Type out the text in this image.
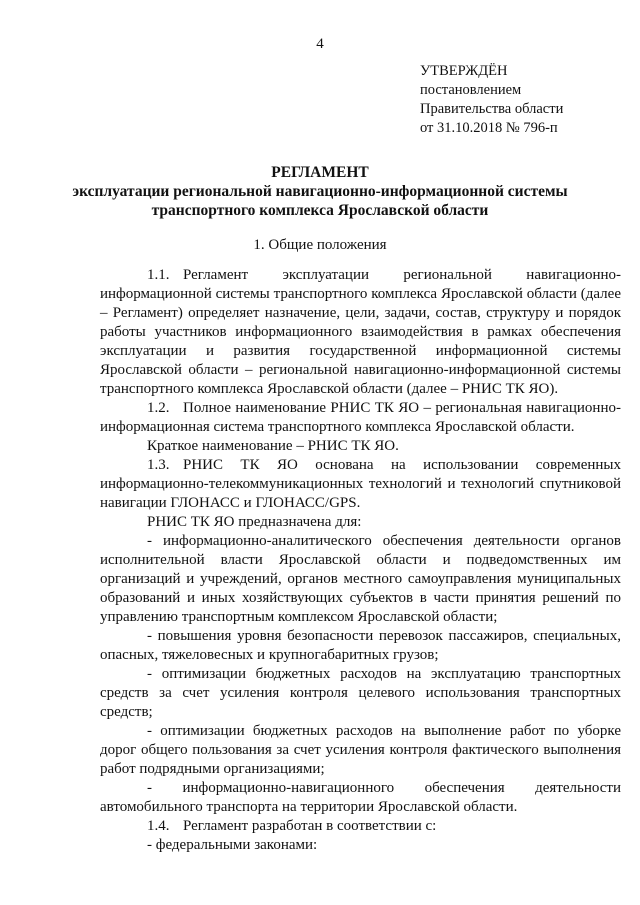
4
УТВЕРЖДЁН
постановлением
Правительства области
от 31.10.2018 № 796-п
РЕГЛАМЕНТ
эксплуатации региональной навигационно-информационной системы
транспортного комплекса Ярославской области
1. Общие положения

1.1. Регламент эксплуатации региональной навигационно-информационной системы транспортного комплекса Ярославской области (далее – Регламент) определяет назначение, цели, задачи, состав, структуру и порядок работы участников информационного взаимодействия в рамках обеспечения эксплуатации и развития государственной информационной системы Ярославской области – региональной навигационно-информационной системы транспортного комплекса Ярославской области (далее – РНИС ТК ЯО).

1.2. Полное наименование РНИС ТК ЯО – региональная навигационно-информационная система транспортного комплекса Ярославской области.

Краткое наименование – РНИС ТК ЯО.

1.3. РНИС ТК ЯО основана на использовании современных информационно-телекоммуникационных технологий и технологий спутниковой навигации ГЛОНАСС и ГЛОНАСС/GPS.

РНИС ТК ЯО предназначена для:

- информационно-аналитического обеспечения деятельности органов исполнительной власти Ярославской области и подведомственных им организаций и учреждений, органов местного самоуправления муниципальных образований и иных хозяйствующих субъектов в части принятия решений по управлению транспортным комплексом Ярославской области;

- повышения уровня безопасности перевозок пассажиров, специальных, опасных, тяжеловесных и крупногабаритных грузов;

- оптимизации бюджетных расходов на эксплуатацию транспортных средств за счет усиления контроля целевого использования транспортных средств;

- оптимизации бюджетных расходов на выполнение работ по уборке дорог общего пользования за счет усиления контроля фактического выполнения работ подрядными организациями;

- информационно-навигационного обеспечения деятельности автомобильного транспорта на территории Ярославской области.

1.4. Регламент разработан в соответствии с:

- федеральными законами:
